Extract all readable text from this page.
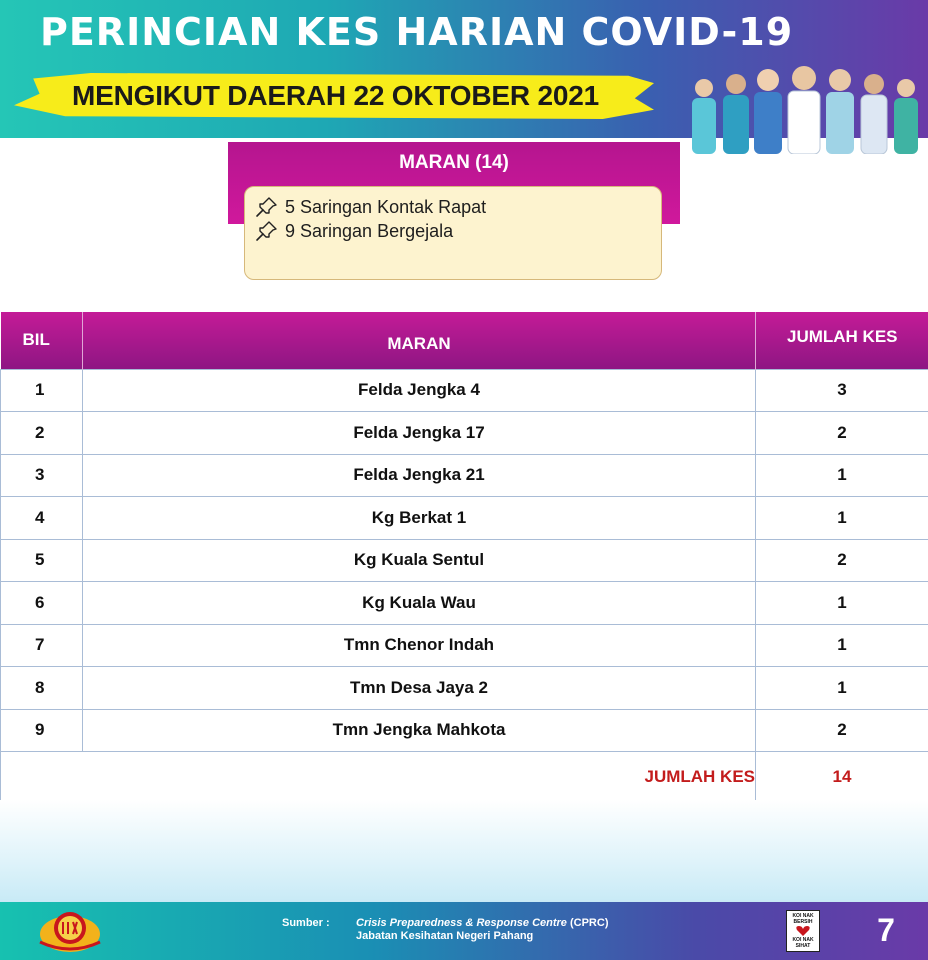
PERINCIAN KES HARIAN COVID-19
MENGIKUT DAERAH 22 OKTOBER 2021
MARAN (14)
5 Saringan Kontak Rapat
9 Saringan Bergejala
BIL	MARAN	JUMLAH KES
1	Felda Jengka 4	3
2	Felda Jengka 17	2
3	Felda Jengka 21	1
4	Kg Berkat 1	1
5	Kg Kuala Sentul	2
6	Kg Kuala Wau	1
7	Tmn Chenor Indah	1
8	Tmn Desa Jaya 2	1
9	Tmn Jengka Mahkota	2
JUMLAH KES		14
Sumber : Crisis Preparedness & Response Centre (CPRC)
Jabatan Kesihatan Negeri Pahang
KOI NAK BERSIH
KOI NAK SIHAT	7
